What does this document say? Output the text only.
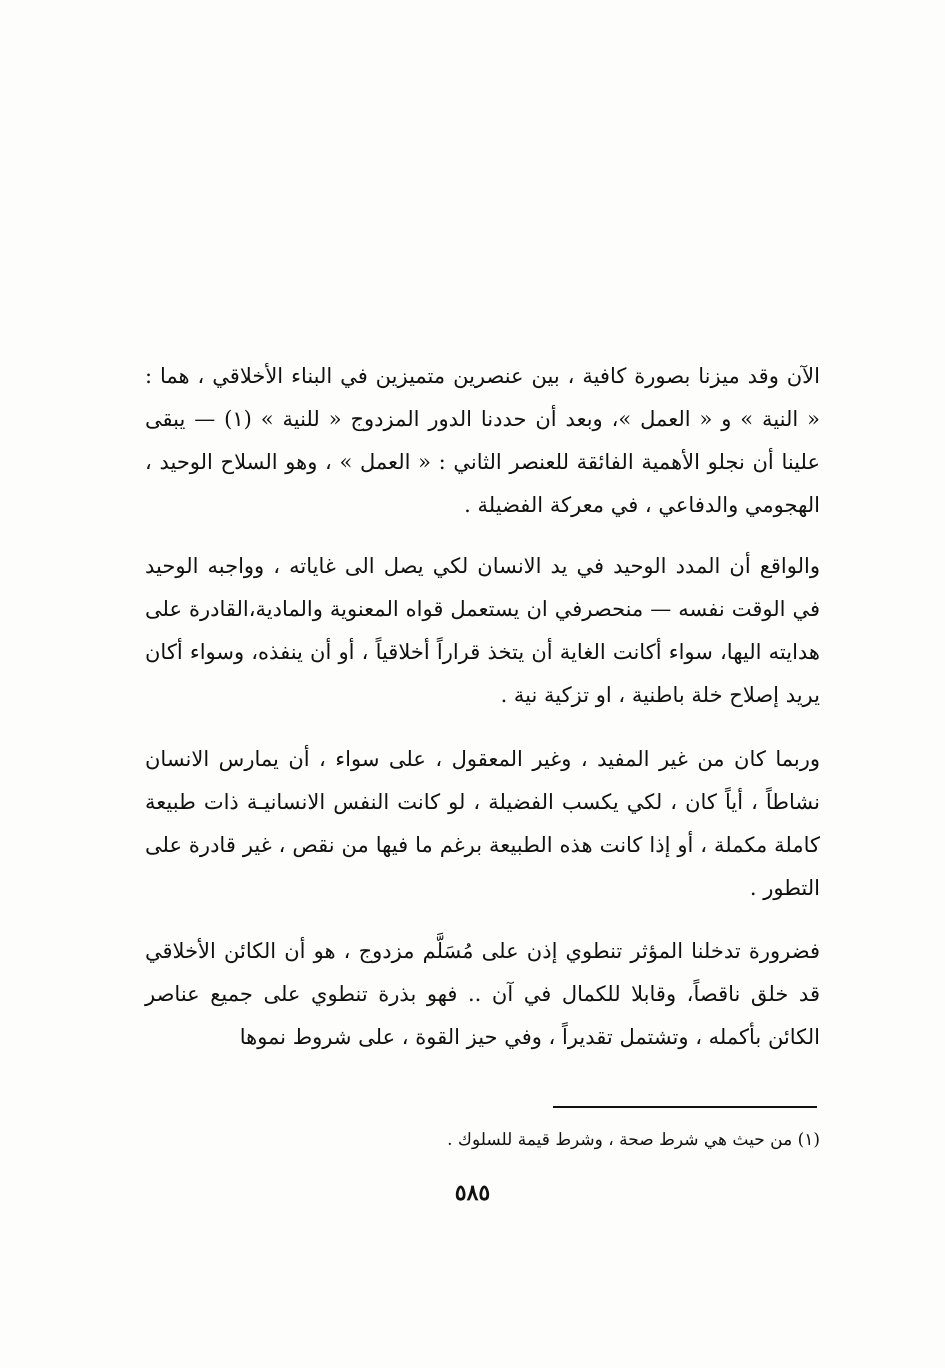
الآن وقد ميزنا بصورة كافية ، بين عنصرين متميزين في البناء الأخلاقي ، هما : « النية » و « العمل »، وبعد أن حددنا الدور المزدوج « للنية » (١) — يبقى علينا أن نجلو الأهمية الفائقة للعنصر الثاني : « العمل » ، وهو السلاح الوحيد ، الهجومي والدفاعي ، في معركة الفضيلة .

والواقع أن المدد الوحيد في يد الانسان لكي يصل الى غاياته ، وواجبه الوحيد في الوقت نفسه — منحصرفي ان يستعمل قواه المعنوية والمادية،القادرة على هدايته اليها، سواء أكانت الغاية أن يتخذ قراراً أخلاقياً ، أو أن ينفذه، وسواء أكان يريد إصلاح خلة باطنية ، او تزكية نية .

وربما كان من غير المفيد ، وغير المعقول ، على سواء ، أن يمارس الانسان نشاطاً ، أياً كان ، لكي يكسب الفضيلة ، لو كانت النفس الانسانيـة ذات طبيعة كاملة مكملة ، أو إذا كانت هذه الطبيعة برغم ما فيها من نقص ، غير قادرة على التطور .

فضرورة تدخلنا المؤثر تنطوي إذن على مُسَلَّم مزدوج ، هو أن الكائن الأخلاقي قد خلق ناقصاً، وقابلا للكمال في آن .. فهو بذرة تنطوي على جميع عناصر الكائن بأكمله ، وتشتمل تقديراً ، وفي حيز القوة ، على شروط نموها

(١) من حيث هي شرط صحة ، وشرط قيمة للسلوك .

٥٨٥
